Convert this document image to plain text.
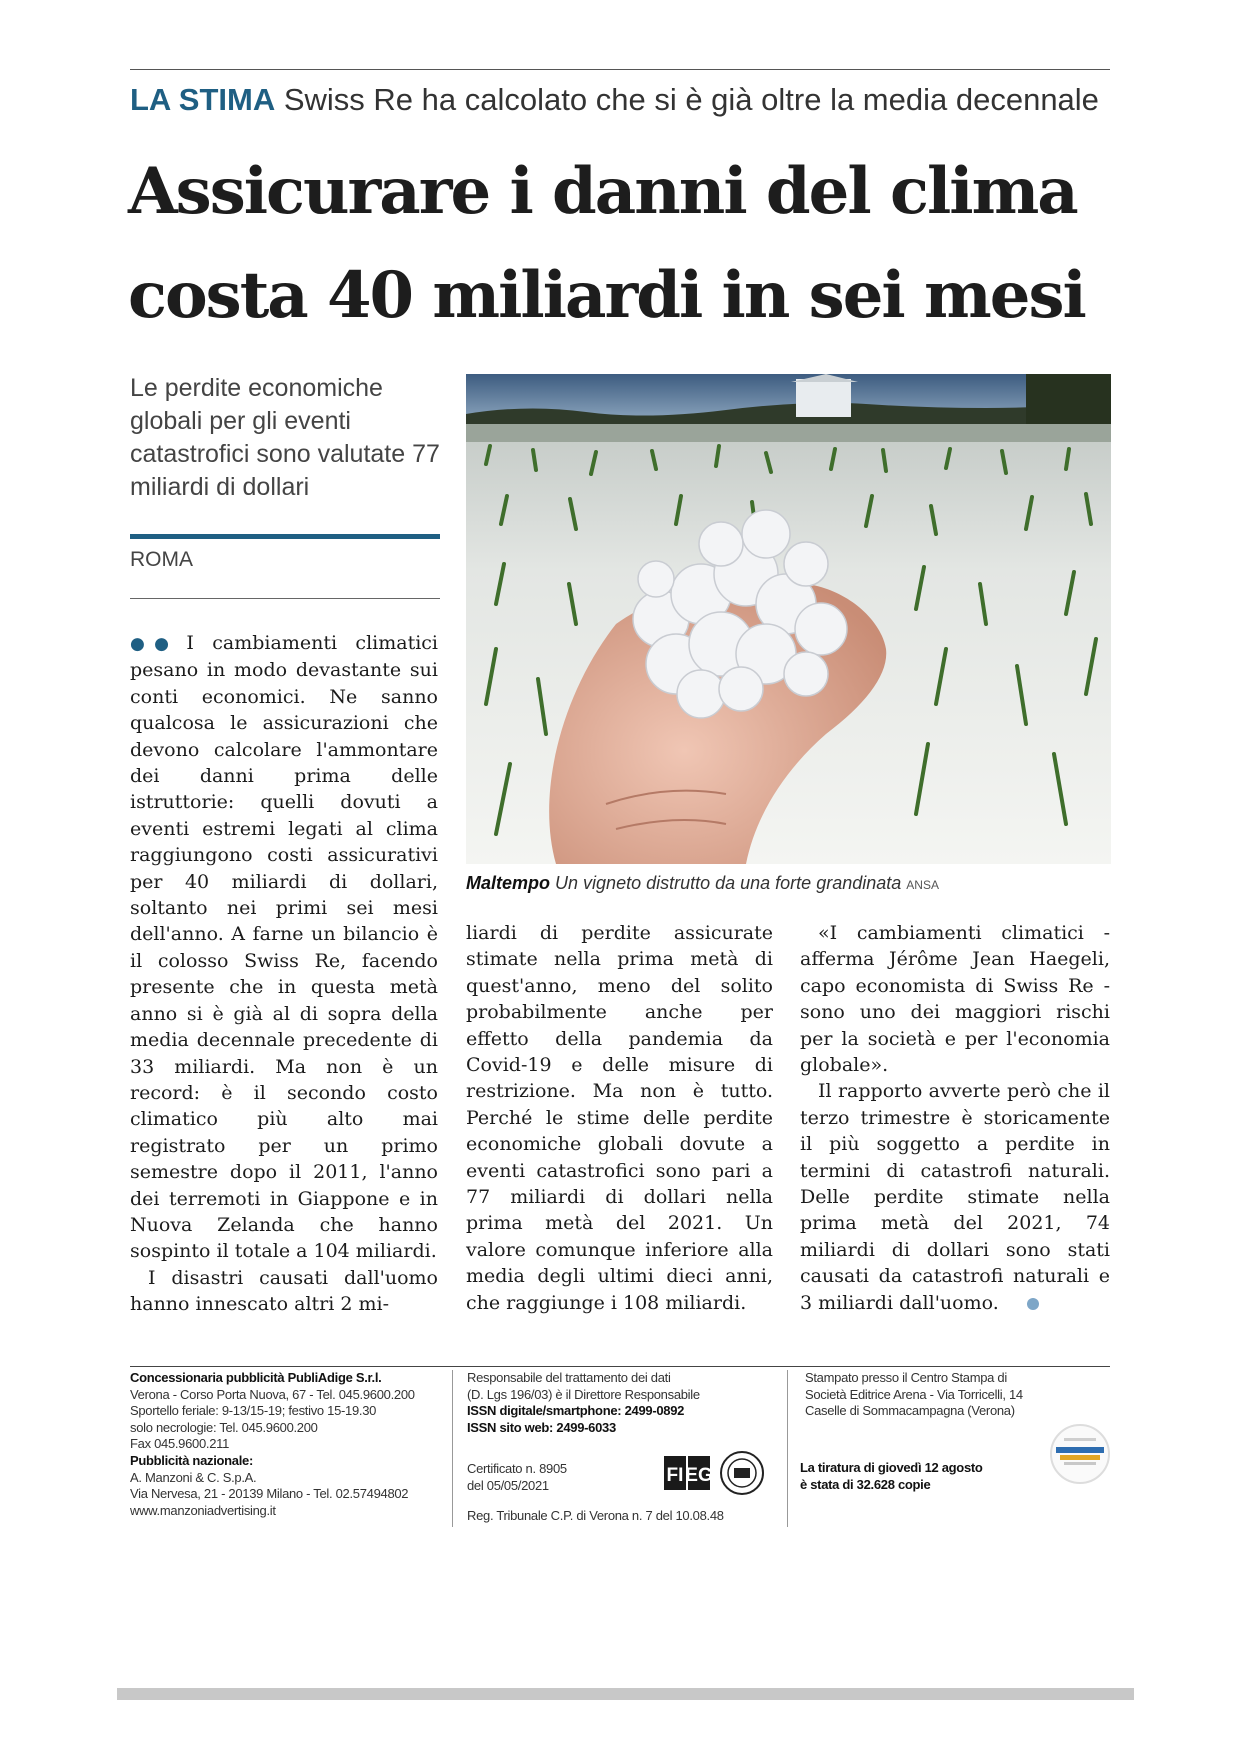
LA STIMA Swiss Re ha calcolato che si è già oltre la media decennale
Assicurare i danni del clima
costa 40 miliardi in sei mesi
Le perdite economiche globali per gli eventi catastrofici sono valutate 77 miliardi di dollari
ROMA
Maltempo Un vigneto distrutto da una forte grandinata ANSA

●● I cambiamenti climatici pesano in modo devastante sui conti economici. Ne sanno qualcosa le assicurazioni che devono calcolare l'ammontare dei danni prima delle istruttorie: quelli dovuti a eventi estremi legati al clima raggiungono costi assicurativi per 40 miliardi di dollari, soltanto nei primi sei mesi dell'anno. A farne un bilancio è il colosso Swiss Re, facendo presente che in questa metà anno si è già al di sopra della media decennale precedente di 33 miliardi. Ma non è un record: è il secondo costo climatico più alto mai registrato per un primo semestre dopo il 2011, l'anno dei terremoti in Giappone e in Nuova Zelanda che hanno sospinto il totale a 104 miliardi.

I disastri causati dall'uomo hanno innescato altri 2 mi-

liardi di perdite assicurate stimate nella prima metà di quest'anno, meno del solito probabilmente anche per effetto della pandemia da Covid-19 e delle misure di restrizione. Ma non è tutto. Perché le stime delle perdite economiche globali dovute a eventi catastrofici sono pari a 77 miliardi di dollari nella prima metà del 2021. Un valore comunque inferiore alla media degli ultimi dieci anni, che raggiunge i 108 miliardi.

«I cambiamenti climatici - afferma Jérôme Jean Haegeli, capo economista di Swiss Re - sono uno dei maggiori rischi per la società e per l'economia globale».

Il rapporto avverte però che il terzo trimestre è storicamente il più soggetto a perdite in termini di catastrofi naturali. Delle perdite stimate nella prima metà del 2021, 74 miliardi di dollari sono stati causati da catastrofi naturali e 3 miliardi dall'uomo.

Concessionaria pubblicità PubliAdige S.r.l.
Verona - Corso Porta Nuova, 67 - Tel. 045.9600.200
Sportello feriale: 9-13/15-19; festivo 15-19.30
solo necrologie: Tel. 045.9600.200
Fax 045.9600.211
Pubblicità nazionale:
A. Manzoni & C. S.p.A.
Via Nervesa, 21 - 20139 Milano - Tel. 02.57494802
www.manzoniadvertising.it
Responsabile del trattamento dei dati
(D. Lgs 196/03) è il Direttore Responsabile
ISSN digitale/smartphone: 2499-0892
ISSN sito web: 2499-6033
Certificato n. 8905
del 05/05/2021
Reg. Tribunale C.P. di Verona n. 7 del 10.08.48
Stampato presso il Centro Stampa di
Società Editrice Arena - Via Torricelli, 14
Caselle di Sommacampagna (Verona)
La tiratura di giovedì 12 agosto
è stata di 32.628 copie
FI EG
